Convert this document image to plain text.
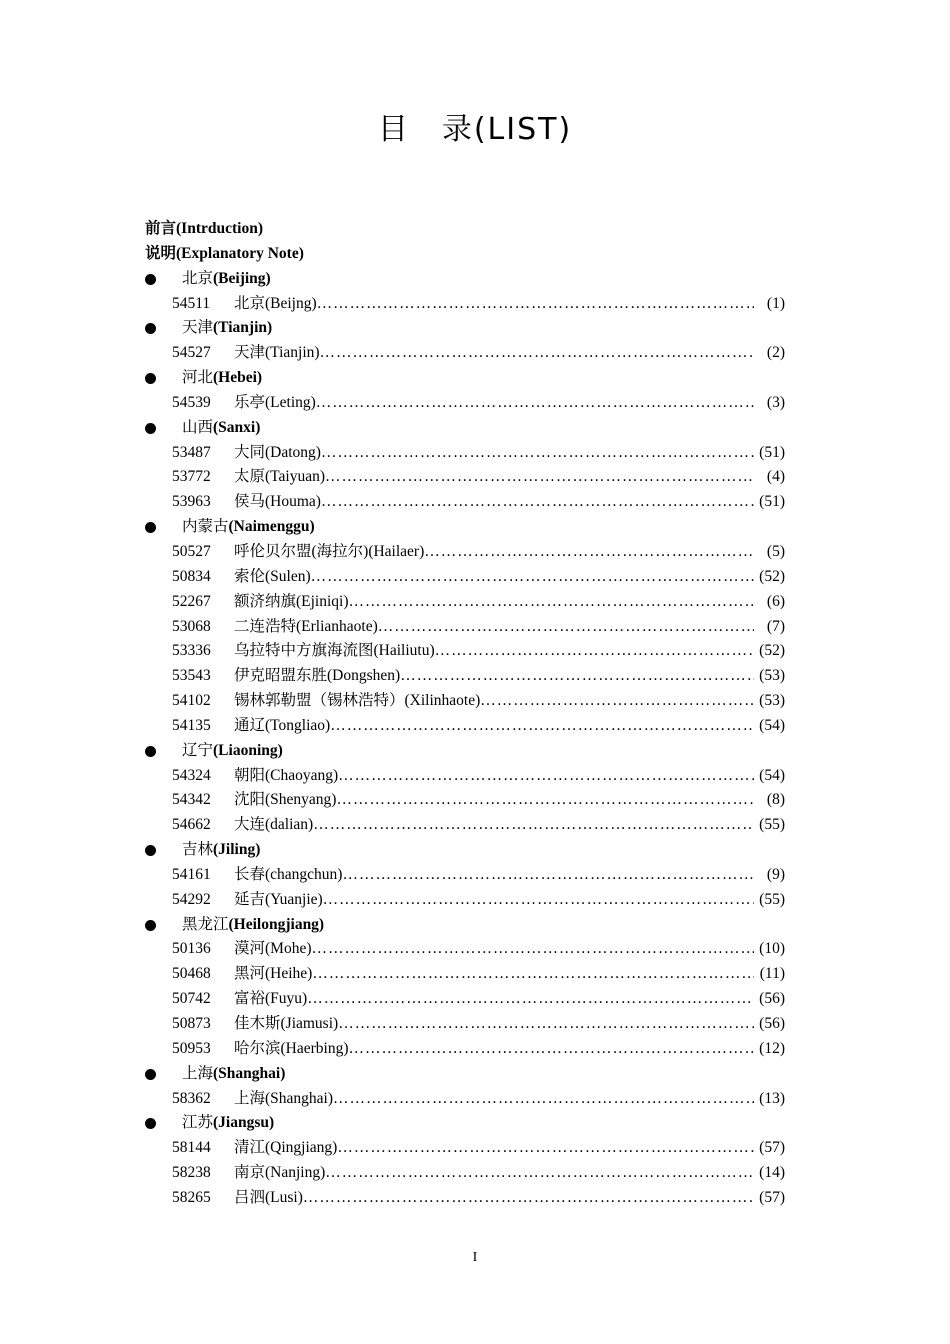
目　录(LIST)
前言(Intrduction)
说明(Explanatory Note)
北京(Beijing)
54511	北京(Beijng) ……………………………………………………………………………………………………………………………………………………	(1)
天津(Tianjin)
54527	天津(Tianjin) ……………………………………………………………………………………………………………………………………………………	(2)
河北(Hebei)
54539	乐亭(Leting) ……………………………………………………………………………………………………………………………………………………	(3)
山西(Sanxi)
53487	大同(Datong) ……………………………………………………………………………………………………………………………………………………	(51)
53772	太原(Taiyuan) ……………………………………………………………………………………………………………………………………………………	(4)
53963	侯马(Houma) ……………………………………………………………………………………………………………………………………………………	(51)
内蒙古(Naimenggu)
50527	呼伦贝尔盟(海拉尔)(Hailaer) ……………………………………………………………………………………………………………………………………………………	(5)
50834	索伦(Sulen) ……………………………………………………………………………………………………………………………………………………	(52)
52267	额济纳旗(Ejiniqi) ……………………………………………………………………………………………………………………………………………………	(6)
53068	二连浩特(Erlianhaote) ……………………………………………………………………………………………………………………………………………………	(7)
53336	乌拉特中方旗海流图(Hailiutu) ……………………………………………………………………………………………………………………………………………………	(52)
53543	伊克昭盟东胜(Dongshen) ……………………………………………………………………………………………………………………………………………………	(53)
54102	锡林郭勒盟（锡林浩特）(Xilinhaote) ……………………………………………………………………………………………………………………………………………………	(53)
54135	通辽(Tongliao) ……………………………………………………………………………………………………………………………………………………	(54)
辽宁(Liaoning)
54324	朝阳(Chaoyang) ……………………………………………………………………………………………………………………………………………………	(54)
54342	沈阳(Shenyang) ……………………………………………………………………………………………………………………………………………………	(8)
54662	大连(dalian) ……………………………………………………………………………………………………………………………………………………	(55)
吉林(Jiling)
54161	长春(changchun) ……………………………………………………………………………………………………………………………………………………	(9)
54292	延吉(Yuanjie) ……………………………………………………………………………………………………………………………………………………	(55)
黑龙江(Heilongjiang)
50136	漠河(Mohe) ……………………………………………………………………………………………………………………………………………………	(10)
50468	黑河(Heihe) ……………………………………………………………………………………………………………………………………………………	(11)
50742	富裕(Fuyu) ……………………………………………………………………………………………………………………………………………………	(56)
50873	佳木斯(Jiamusi) ……………………………………………………………………………………………………………………………………………………	(56)
50953	哈尔滨(Haerbing) ……………………………………………………………………………………………………………………………………………………	(12)
上海(Shanghai)
58362	上海(Shanghai) ……………………………………………………………………………………………………………………………………………………	(13)
江苏(Jiangsu)
58144	清江(Qingjiang) ……………………………………………………………………………………………………………………………………………………	(57)
58238	南京(Nanjing) ……………………………………………………………………………………………………………………………………………………	(14)
58265	吕泗(Lusi) ……………………………………………………………………………………………………………………………………………………	(57)
I
